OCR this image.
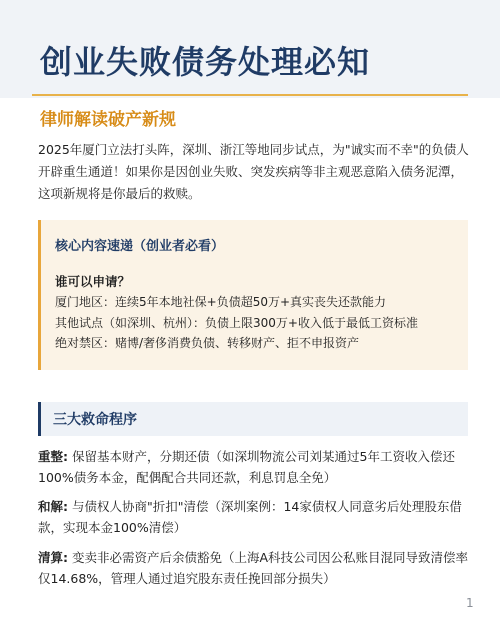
创业失败债务处理必知
律师解读破产新规
2025年厦门立法打头阵，深圳、浙江等地同步试点，为"诚实而不幸"的负债人开辟重生通道！如果你是因创业失败、突发疾病等非主观恶意陷入债务泥潭，这项新规将是你最后的救赎。
核心内容速递（创业者必看）
谁可以申请？
厦门地区：连续5年本地社保+负债超50万+真实丧失还款能力
其他试点（如深圳、杭州）：负债上限300万+收入低于最低工资标准
绝对禁区：赌博/奢侈消费负债、转移财产、拒不申报资产
三大救命程序
重整: 保留基本财产，分期还债（如深圳物流公司刘某通过5年工资收入偿还100%债务本金，配偶配合共同还款，利息罚息全免）
和解: 与债权人协商"折扣"清偿（深圳案例：14家债权人同意劣后处理股东借款，实现本金100%清偿）
清算: 变卖非必需资产后余债豁免（上海A科技公司因公私账目混同导致清偿率仅14.68%，管理人通过追究股东责任挽回部分损失）
1
